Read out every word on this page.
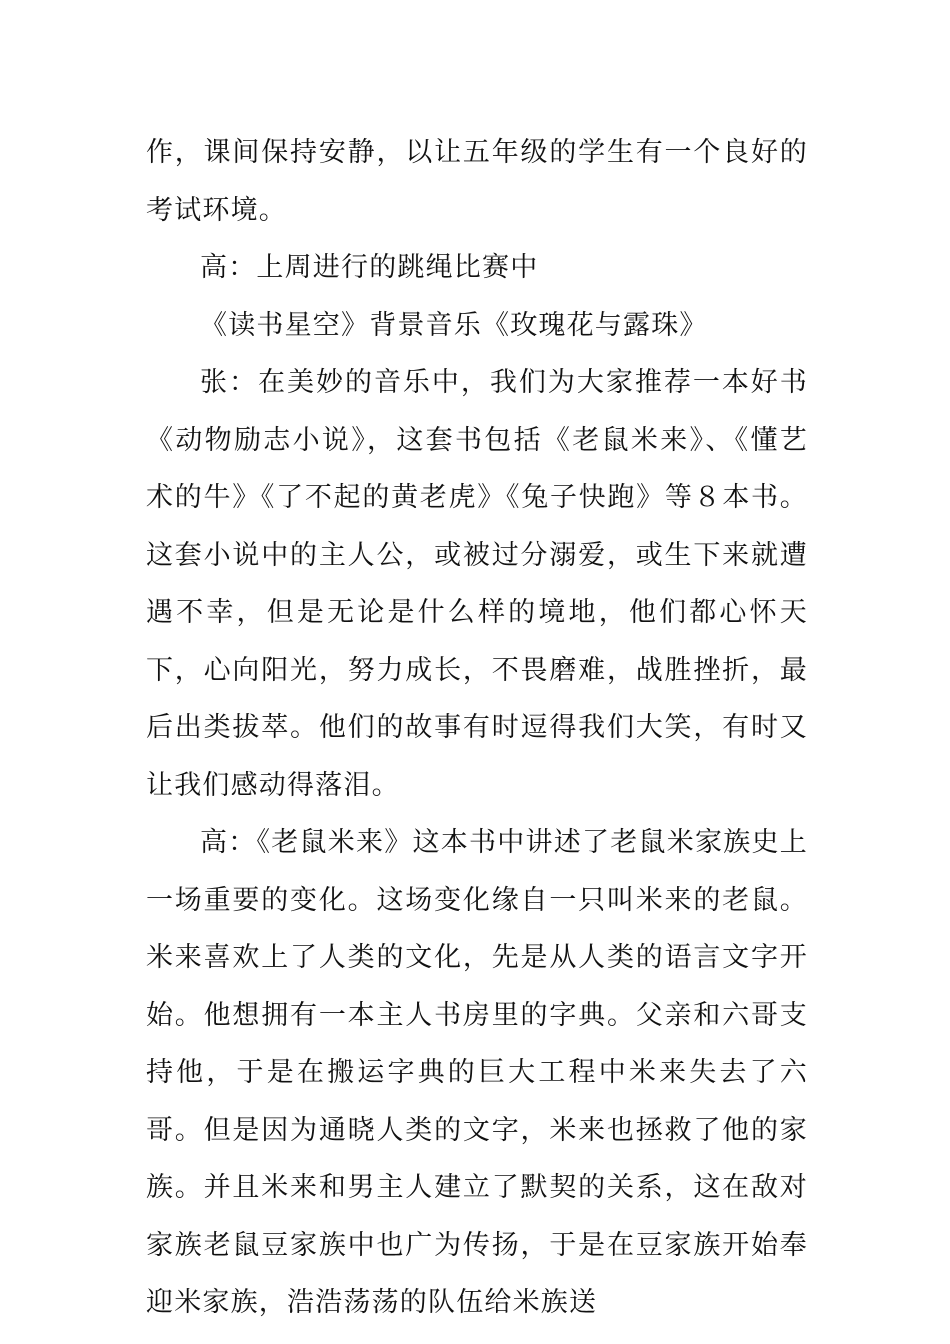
作，课间保持安静，以让五年级的学生有一个良好的考试环境。

高：上周进行的跳绳比赛中

《读书星空》背景音乐《玫瑰花与露珠》

张：在美妙的音乐中，我们为大家推荐一本好书《动物励志小说》，这套书包括《老鼠米来》、《懂艺术的牛》《了不起的黄老虎》《兔子快跑》等８本书。这套小说中的主人公，或被过分溺爱，或生下来就遭遇不幸，但是无论是什么样的境地，他们都心怀天下，心向阳光，努力成长，不畏磨难，战胜挫折，最后出类拔萃。他们的故事有时逗得我们大笑，有时又让我们感动得落泪。

高：《老鼠米来》这本书中讲述了老鼠米家族史上一场重要的变化。这场变化缘自一只叫米来的老鼠。米来喜欢上了人类的文化，先是从人类的语言文字开始。他想拥有一本主人书房里的字典。父亲和六哥支持他，于是在搬运字典的巨大工程中米来失去了六哥。但是因为通晓人类的文字，米来也拯救了他的家族。并且米来和男主人建立了默契的关系，这在敌对家族老鼠豆家族中也广为传扬，于是在豆家族开始奉迎米家族，浩浩荡荡的队伍给米族送
